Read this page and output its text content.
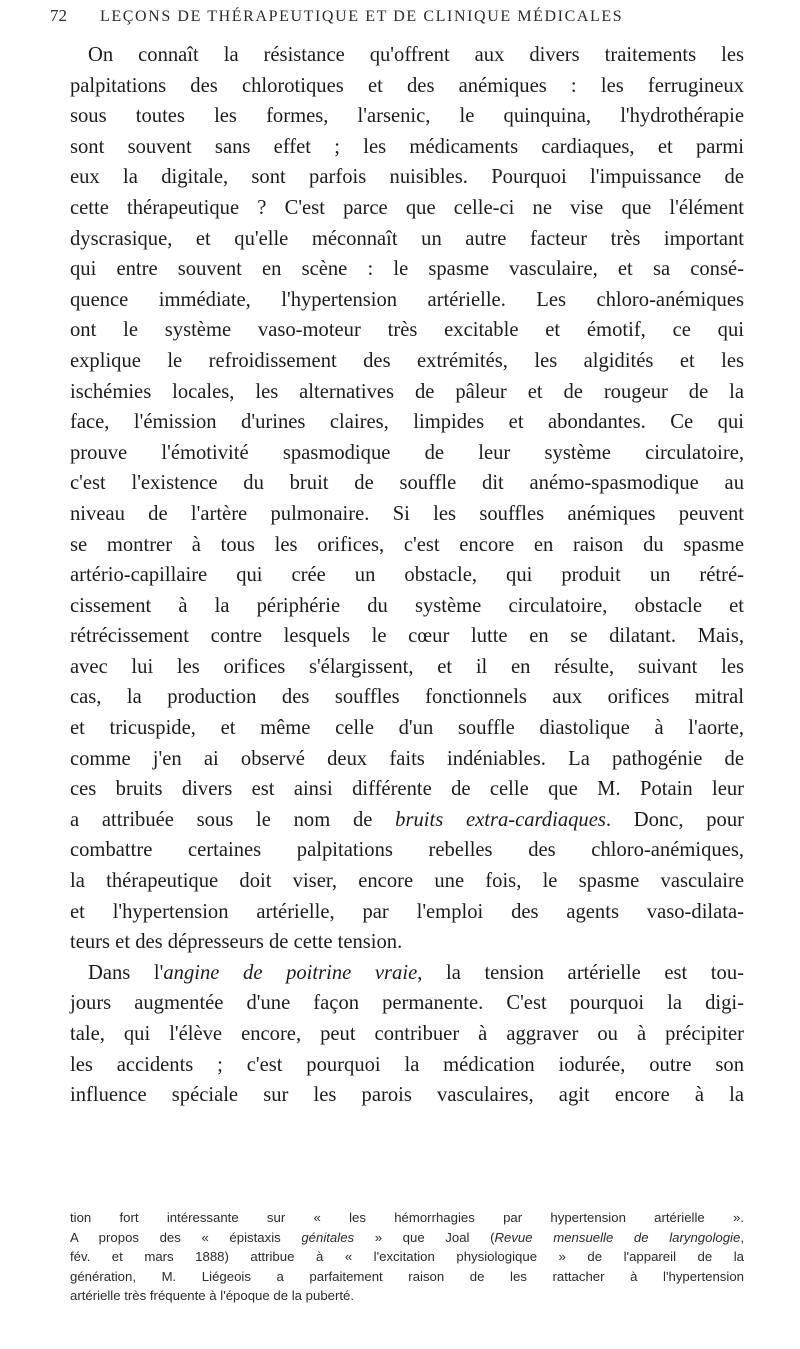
72	LEÇONS DE THÉRAPEUTIQUE ET DE CLINIQUE MÉDICALES
On connaît la résistance qu'offrent aux divers traitements les
palpitations des chlorotiques et des anémiques : les ferrugineux
sous toutes les formes, l'arsenic, le quinquina, l'hydrothérapie
sont souvent sans effet ; les médicaments cardiaques, et parmi
eux la digitale, sont parfois nuisibles. Pourquoi l'impuissance de
cette thérapeutique ? C'est parce que celle-ci ne vise que l'élément
dyscrasique, et qu'elle méconnaît un autre facteur très important
qui entre souvent en scène : le spasme vasculaire, et sa consé-
quence immédiate, l'hypertension artérielle. Les chloro-anémiques
ont le système vaso-moteur très excitable et émotif, ce qui
explique le refroidissement des extrémités, les algidités et les
ischémies locales, les alternatives de pâleur et de rougeur de la
face, l'émission d'urines claires, limpides et abondantes. Ce qui
prouve l'émotivité spasmodique de leur système circulatoire,
c'est l'existence du bruit de souffle dit anémo-spasmodique au
niveau de l'artère pulmonaire. Si les souffles anémiques peuvent
se montrer à tous les orifices, c'est encore en raison du spasme
artério-capillaire qui crée un obstacle, qui produit un rétré-
cissement à la périphérie du système circulatoire, obstacle et
rétrécissement contre lesquels le cœur lutte en se dilatant. Mais,
avec lui les orifices s'élargissent, et il en résulte, suivant les
cas, la production des souffles fonctionnels aux orifices mitral
et tricuspide, et même celle d'un souffle diastolique à l'aorte,
comme j'en ai observé deux faits indéniables. La pathogénie de
ces bruits divers est ainsi différente de celle que M. Potain leur
a attribuée sous le nom de bruits extra-cardiaques. Donc, pour
combattre certaines palpitations rebelles des chloro-anémiques,
la thérapeutique doit viser, encore une fois, le spasme vasculaire
et l'hypertension artérielle, par l'emploi des agents vaso-dilata-
teurs et des dépresseurs de cette tension.
Dans l'angine de poitrine vraie, la tension artérielle est tou-
jours augmentée d'une façon permanente. C'est pourquoi la digi-
tale, qui l'élève encore, peut contribuer à aggraver ou à précipiter
les accidents ; c'est pourquoi la médication iodurée, outre son
influence spéciale sur les parois vasculaires, agit encore à la
tion fort intéressante sur « les hémorrhagies par hypertension artérielle ».
A propos des « épistaxis génitales » que Joal (Revue mensuelle de laryngologie,
fév. et mars 1888) attribue à « l'excitation physiologique » de l'appareil de la
génération, M. Liégeois a parfaitement raison de les rattacher à l'hypertension
artérielle très fréquente à l'époque de la puberté.
